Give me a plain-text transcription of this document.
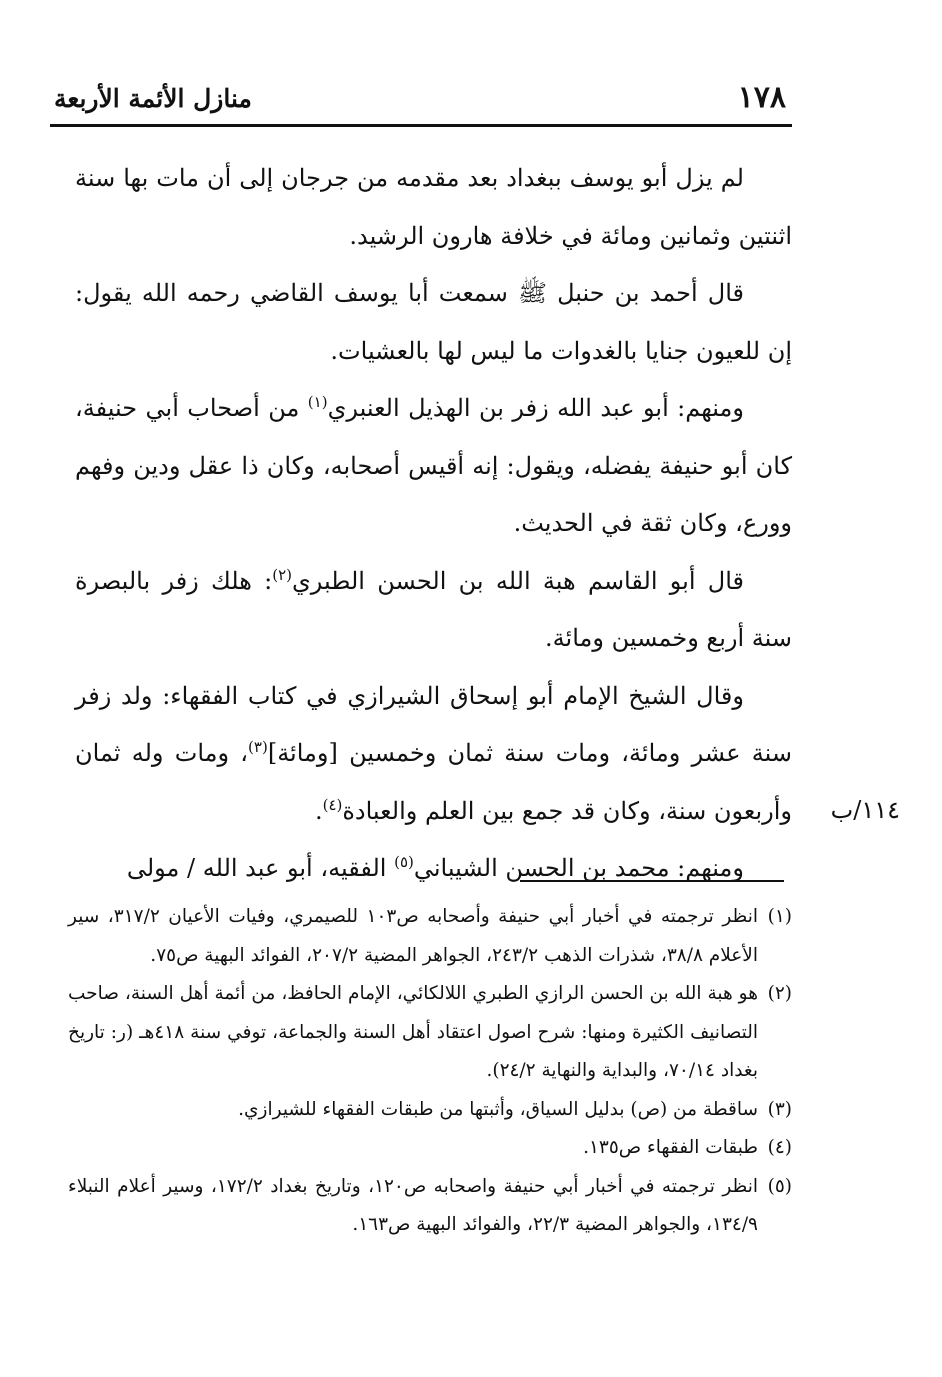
١٧٨
منازل الأئمة الأربعة

لم يزل أبو يوسف ببغداد بعد مقدمه من جرجان إلى أن مات بها سنة اثنتين وثمانين ومائة في خلافة هارون الرشيد.

قال أحمد بن حنبل ﷺ سمعت أبا يوسف القاضي رحمه الله يقول: إن للعيون جنايا بالغدوات ما ليس لها بالعشيات.

ومنهم: أبو عبد الله زفر بن الهذيل العنبري$^{(١)}$ من أصحاب أبي حنيفة، كان أبو حنيفة يفضله، ويقول: إنه أقيس أصحابه، وكان ذا عقل ودين وفهم وورع، وكان ثقة في الحديث.

قال أبو القاسم هبة الله بن الحسن الطبري$^{(٢)}$: هلك زفر بالبصرة سنة أربع وخمسين ومائة.

وقال الشيخ الإمام أبو إسحاق الشيرازي في كتاب الفقهاء: ولد زفر سنة عشر ومائة، ومات سنة ثمان وخمسين [ومائة]$^{(٣)}$، ومات وله ثمان وأربعون سنة، وكان قد جمع بين العلم والعبادة$^{(٤)}$.

ومنهم: محمد بن الحسن الشيباني$^{(٥)}$ الفقيه، أبو عبد الله / مولى

١١٤/ب

(١)
انظر ترجمته في أخبار أبي حنيفة وأصحابه ص١٠٣ للصيمري، وفيات الأعيان ٣١٧/٢، سير الأعلام ٣٨/٨، شذرات الذهب ٢٤٣/٢، الجواهر المضية ٢٠٧/٢، الفوائد البهية ص٧٥.

(٢)
هو هبة الله بن الحسن الرازي الطبري اللالكائي، الإمام الحافظ، من أئمة أهل السنة، صاحب التصانيف الكثيرة ومنها: شرح اصول اعتقاد أهل السنة والجماعة، توفي سنة ٤١٨هـ (ر: تاريخ بغداد ٧٠/١٤، والبداية والنهاية ٢٤/٢).

(٣)
ساقطة من (ص) بدليل السياق، وأثبتها من طبقات الفقهاء للشيرازي.

(٤)
طبقات الفقهاء ص١٣٥.

(٥)
انظر ترجمته في أخبار أبي حنيفة واصحابه ص١٢٠، وتاريخ بغداد ١٧٢/٢، وسير أعلام النبلاء ١٣٤/٩، والجواهر المضية ٢٢/٣، والفوائد البهية ص١٦٣.
